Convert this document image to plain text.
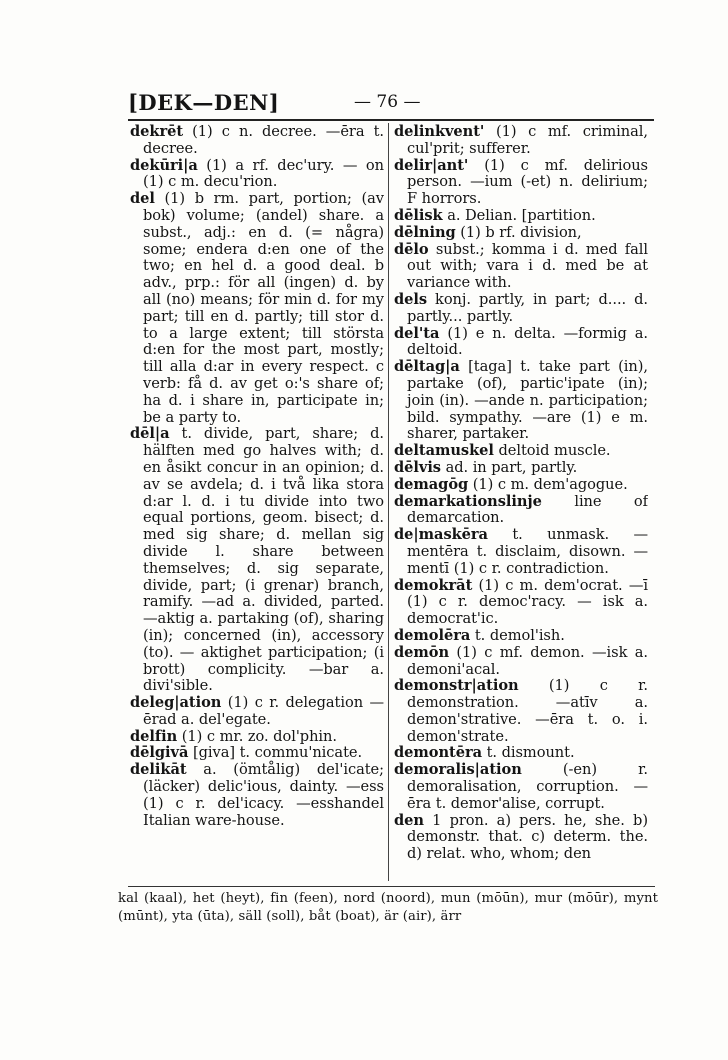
[DEK—DEN]	— 76 —
dekrēt (1) c n. decree. —ēra t. decree.
dekūri|a (1) a rf. dec'ury. — on (1) c m. decu'rion.
del (1) b rm. part, portion; (av bok) volume; (andel) share. a subst., adj.: en d. (= några) some; endera d:en one of the two; en hel d. a good deal. b adv., prp.: för all (ingen) d. by all (no) means; för min d. for my part; till en d. partly; till stor d. to a large extent; till största d:en for the most part, mostly; till alla d:ar in every respect. c verb: få d. av get o:'s share of; ha d. i share in, participate in; be a party to.
dēl|a t. divide, part, share; d. hälften med go halves with; d. en åsikt concur in an opinion; d. av se avdela; d. i två lika stora d:ar l. d. i tu divide into two equal portions, geom. bisect; d. med sig share; d. mellan sig divide l. share between themselves; d. sig separate, divide, part; (i grenar) branch, ramify. —ad a. divided, parted. —aktig a. partaking (of), sharing (in); concerned (in), accessory (to). — aktighet participation; (i brott) complicity. —bar a. divi'sible.
deleg|ation (1) c r. delegation —ērad a. del'egate.
delfin (1) c mr. zo. dol'phin.
dēlgivā [giva] t. commu'nicate.
delikāt a. (ömtålig) del'icate; (läcker) delic'ious, dainty. —ess (1) c r. del'icacy. —esshandel Italian ware-house.
delinkvent' (1) c mf. criminal, cul'prit; sufferer.
delir|ant' (1) c mf. delirious person. —ium (-et) n. delirium; F horrors.
dēlisk a. Delian. [partition.
dēlning (1) b rf. division,
dēlo subst.; komma i d. med fall out with; vara i d. med be at variance with.
dels konj. partly, in part; d.... d. partly... partly.
del'ta (1) e n. delta. —formig a. deltoid.
dēltag|a [taga] t. take part (in), partake (of), partic'ipate (in); join (in). —ande n. participation; bild. sympathy. —are (1) e m. sharer, partaker.
deltamuskel deltoid muscle.
dēlvis ad. in part, partly.
demagōg (1) c m. dem'agogue.
demarkationslinje line of demarcation.
de|maskēra t. unmask. —mentēra t. disclaim, disown. — mentī (1) c r. contradiction.
demokrāt (1) c m. dem'ocrat. —ī (1) c r. democ'racy. — isk a. democrat'ic.
demolēra t. demol'ish.
demōn (1) c mf. demon. —isk a. demoni'acal.
demonstr|ation (1) c r. demonstration. —atīv a. demon'strative. —ēra t. o. i. demon'strate.
demontēra t. dismount.
demoralis|ation (-en) r. demoralisation, corruption. — ēra t. demor'alise, corrupt.
den 1 pron. a) pers. he, she. b) demonstr. that. c) determ. the. d) relat. who, whom; den
kal (kaal), het (heyt), fin (feen), nord (noord), mun (mōūn), mur (mōūr), mynt (mūnt), yta (ūta), säll (soll), båt (boat), är (air), ärr
